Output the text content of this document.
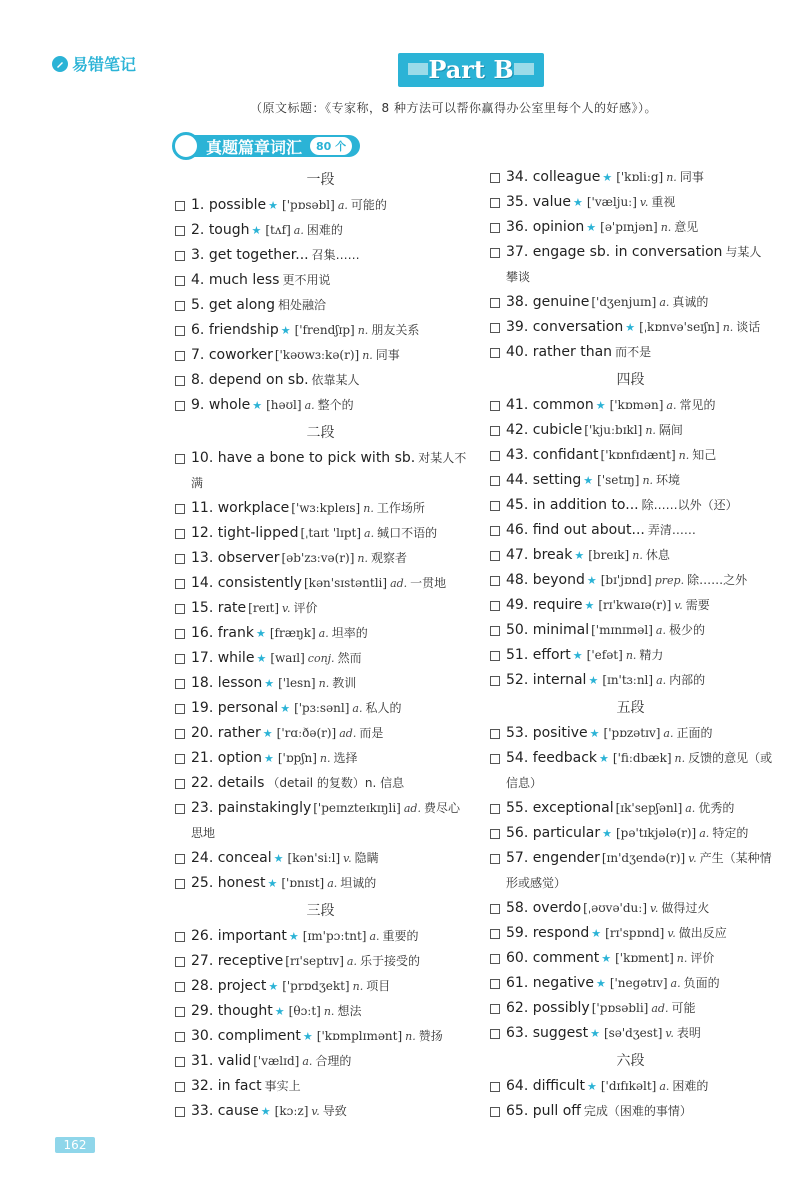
易错笔记	Part B
（原文标题：《专家称，8 种方法可以帮你赢得办公室里每个人的好感》）。
真题篇章词汇	80 个
一段
1. possible ★ ['pɒsəbl] a. 可能的
2. tough ★ [tʌf] a. 困难的
3. get together... 召集……
4. much less 更不用说
5. get along 相处融洽
6. friendship ★ ['frendʃɪp] n. 朋友关系
7. coworker ['kəʊwɜːkə(r)] n. 同事
8. depend on sb. 依靠某人
9. whole ★ [həʊl] a. 整个的
二段
10. have a bone to pick with sb. 对某人不满
11. workplace ['wɜːkpleɪs] n. 工作场所
12. tight-lipped [ˌtaɪt 'lɪpt] a. 缄口不语的
13. observer [əb'zɜːvə(r)] n. 观察者
14. consistently [kən'sɪstəntli] ad. 一贯地
15. rate [reɪt] v. 评价
16. frank ★ [fræŋk] a. 坦率的
17. while ★ [waɪl] conj. 然而
18. lesson ★ ['lesn] n. 教训
19. personal ★ ['pɜːsənl] a. 私人的
20. rather ★ ['rɑːðə(r)] ad. 而是
21. option ★ ['ɒpʃn] n. 选择
22. details （detail 的复数）n. 信息
23. painstakingly ['peɪnzteɪkɪŋli] ad. 费尽心思地
24. conceal ★ [kən'siːl] v. 隐瞒
25. honest ★ ['ɒnɪst] a. 坦诚的
三段
26. important ★ [ɪm'pɔːtnt] a. 重要的
27. receptive [rɪ'septɪv] a. 乐于接受的
28. project ★ ['prɒdʒekt] n. 项目
29. thought ★ [θɔːt] n. 想法
30. compliment ★ ['kɒmplɪmənt] n. 赞扬
31. valid ['vælɪd] a. 合理的
32. in fact 事实上
33. cause ★ [kɔːz] v. 导致
34. colleague ★ ['kɒliːg] n. 同事
35. value ★ ['væljuː] v. 重视
36. opinion ★ [ə'pɪnjən] n. 意见
37. engage sb. in conversation 与某人攀谈
38. genuine ['dʒenjuɪn] a. 真诚的
39. conversation ★ [ˌkɒnvə'seɪʃn] n. 谈话
40. rather than 而不是
四段
41. common ★ ['kɒmən] a. 常见的
42. cubicle ['kjuːbɪkl] n. 隔间
43. confidant ['kɒnfɪdænt] n. 知己
44. setting ★ ['setɪŋ] n. 环境
45. in addition to... 除……以外（还）
46. find out about... 弄清……
47. break ★ [breɪk] n. 休息
48. beyond ★ [bɪ'jɒnd] prep. 除……之外
49. require ★ [rɪ'kwaɪə(r)] v. 需要
50. minimal ['mɪnɪməl] a. 极少的
51. effort ★ ['efət] n. 精力
52. internal ★ [ɪn'tɜːnl] a. 内部的
五段
53. positive ★ ['pɒzətɪv] a. 正面的
54. feedback ★ ['fiːdbæk] n. 反馈的意见（或信息）
55. exceptional [ɪk'sepʃənl] a. 优秀的
56. particular ★ [pə'tɪkjələ(r)] a. 特定的
57. engender [ɪn'dʒendə(r)] v. 产生（某种情形或感觉）
58. overdo [ˌəʊvə'duː] v. 做得过火
59. respond ★ [rɪ'spɒnd] v. 做出反应
60. comment ★ ['kɒment] n. 评价
61. negative ★ ['negətɪv] a. 负面的
62. possibly ['pɒsəbli] ad. 可能
63. suggest ★ [sə'dʒest] v. 表明
六段
64. difficult ★ ['dɪfɪkəlt] a. 困难的
65. pull off 完成（困难的事情）
162
